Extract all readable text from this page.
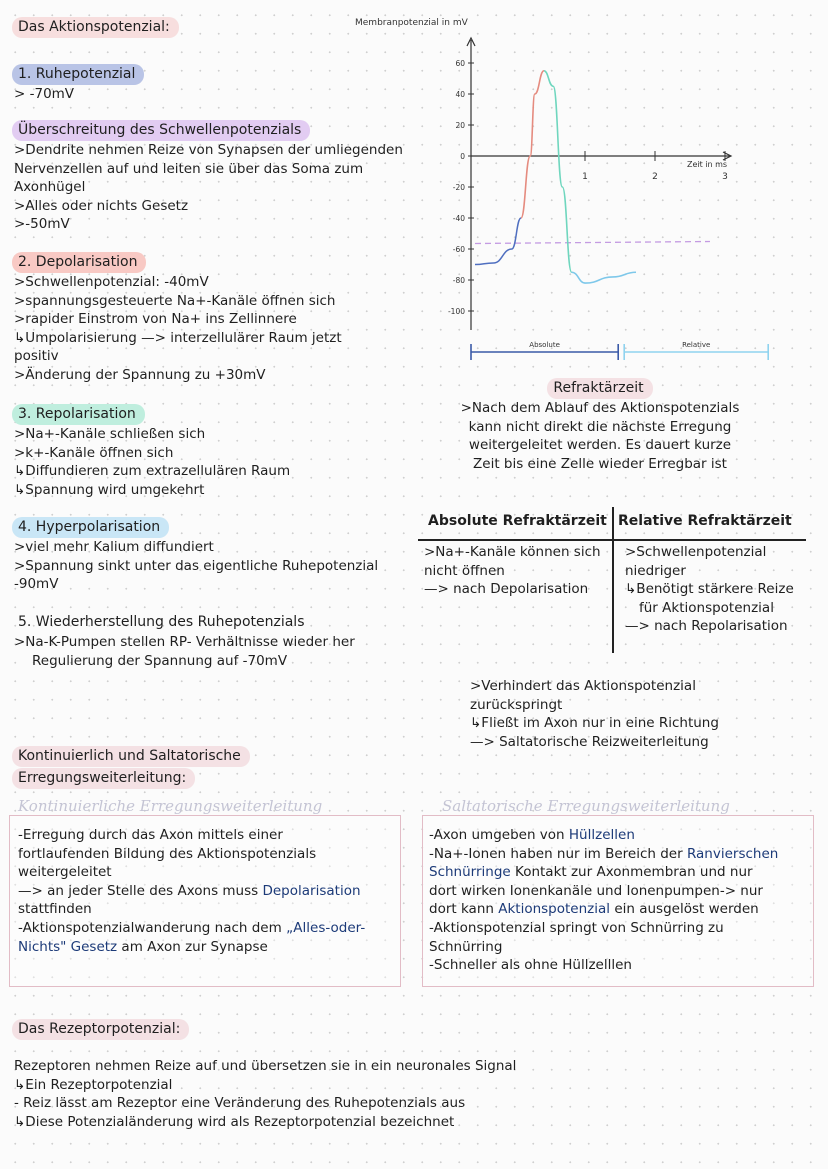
Das Aktionspotenzial:
1. Ruhepotenzial
> -70mV
Überschreitung des Schwellenpotenzials
>Dendrite nehmen Reize von Synapsen der umliegenden
Nervenzellen auf und leiten sie über das Soma zum
Axonhügel
>Alles oder nichts Gesetz
>-50mV
2. Depolarisation
>Schwellenpotenzial: -40mV
>spannungsgesteuerte Na+-Kanäle öffnen sich
>rapider Einstrom von Na+ ins Zellinnere
↳Umpolarisierung —> interzellulärer Raum jetzt
positiv
>Änderung der Spannung zu +30mV
3. Repolarisation
>Na+-Kanäle schließen sich
>k+-Kanäle öffnen sich
↳Diffundieren zum extrazellulären Raum
↳Spannung wird umgekehrt
4. Hyperpolarisation
>viel mehr Kalium diffundiert
>Spannung sinkt unter das eigentliche Ruhepotenzial
-90mV
5. Wiederherstellung des Ruhepotenzials
>Na-K-Pumpen stellen RP- Verhältnisse wieder her
Regulierung der Spannung auf -70mV
Membranpotenzial in mV
60
40
20
0
-20
-40
-60
-80
-100
1	2	3
Zeit in ms
Absolute	Relative
Refraktärzeit
>Nach dem Ablauf des Aktionspotenzials
kann nicht direkt die nächste Erregung
weitergeleitet werden. Es dauert kurze
Zeit bis eine Zelle wieder Erregbar ist
Absolute Refraktärzeit Relative Refraktärzeit
>Na+-Kanäle können sich
nicht öffnen
—> nach Depolarisation
>Schwellenpotenzial
niedriger
↳Benötigt stärkere Reize
für Aktionspotenzial
—> nach Repolarisation
>Verhindert das Aktionspotenzial
zurückspringt
↳Fließt im Axon nur in eine Richtung
—> Saltatorische Reizweiterleitung
Kontinuierlich und Saltatorische
Erregungsweiterleitung:
Kontinuierliche Erregungsweiterleitung
-Erregung durch das Axon mittels einer
fortlaufenden Bildung des Aktionspotenzials
weitergeleitet
—> an jeder Stelle des Axons muss Depolarisation
stattfinden
-Aktionspotenzialwanderung nach dem „Alles-oder-
Nichts" Gesetz am Axon zur Synapse
Saltatorische Erregungsweiterleitung
-Axon umgeben von Hüllzellen
-Na+-Ionen haben nur im Bereich der Ranvierschen
Schnürringe Kontakt zur Axonmembran und nur
dort wirken Ionenkanäle und Ionenpumpen-> nur
dort kann Aktionspotenzial ein ausgelöst werden
-Aktionspotenzial springt von Schnürring zu
Schnürring
-Schneller als ohne Hüllzelllen
Das Rezeptorpotenzial:
Rezeptoren nehmen Reize auf und übersetzen sie in ein neuronales Signal
↳Ein Rezeptorpotenzial
- Reiz lässt am Rezeptor eine Veränderung des Ruhepotenzials aus
↳Diese Potenzialänderung wird als Rezeptorpotenzial bezeichnet
